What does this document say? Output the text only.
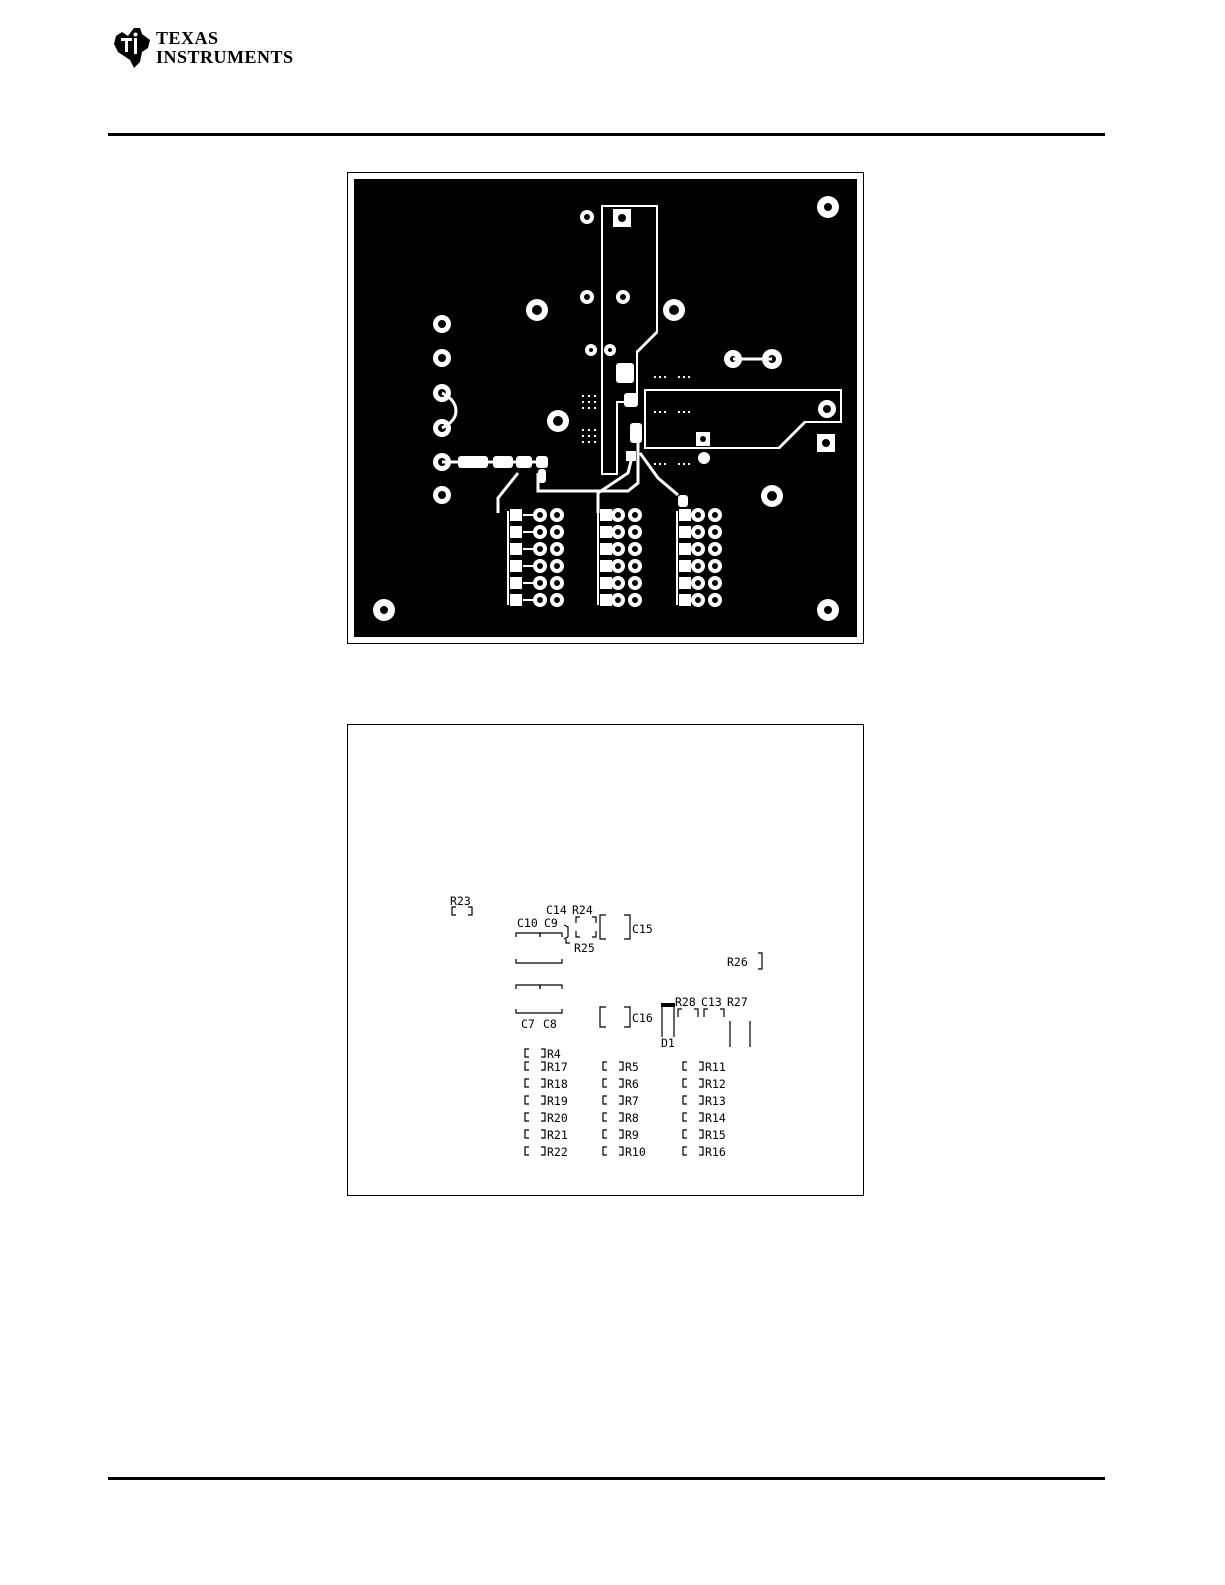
TEXAS
INSTRUMENTS
R23
C14 R24
C10 C9	C15
R25
R26
R28 C13 R27
C7 C8	C16
D1
R4
R17
R18
R19
R20
R21
R22
R5
R6
R7
R8
R9
R10
R11
R12
R13
R14
R15
R16
